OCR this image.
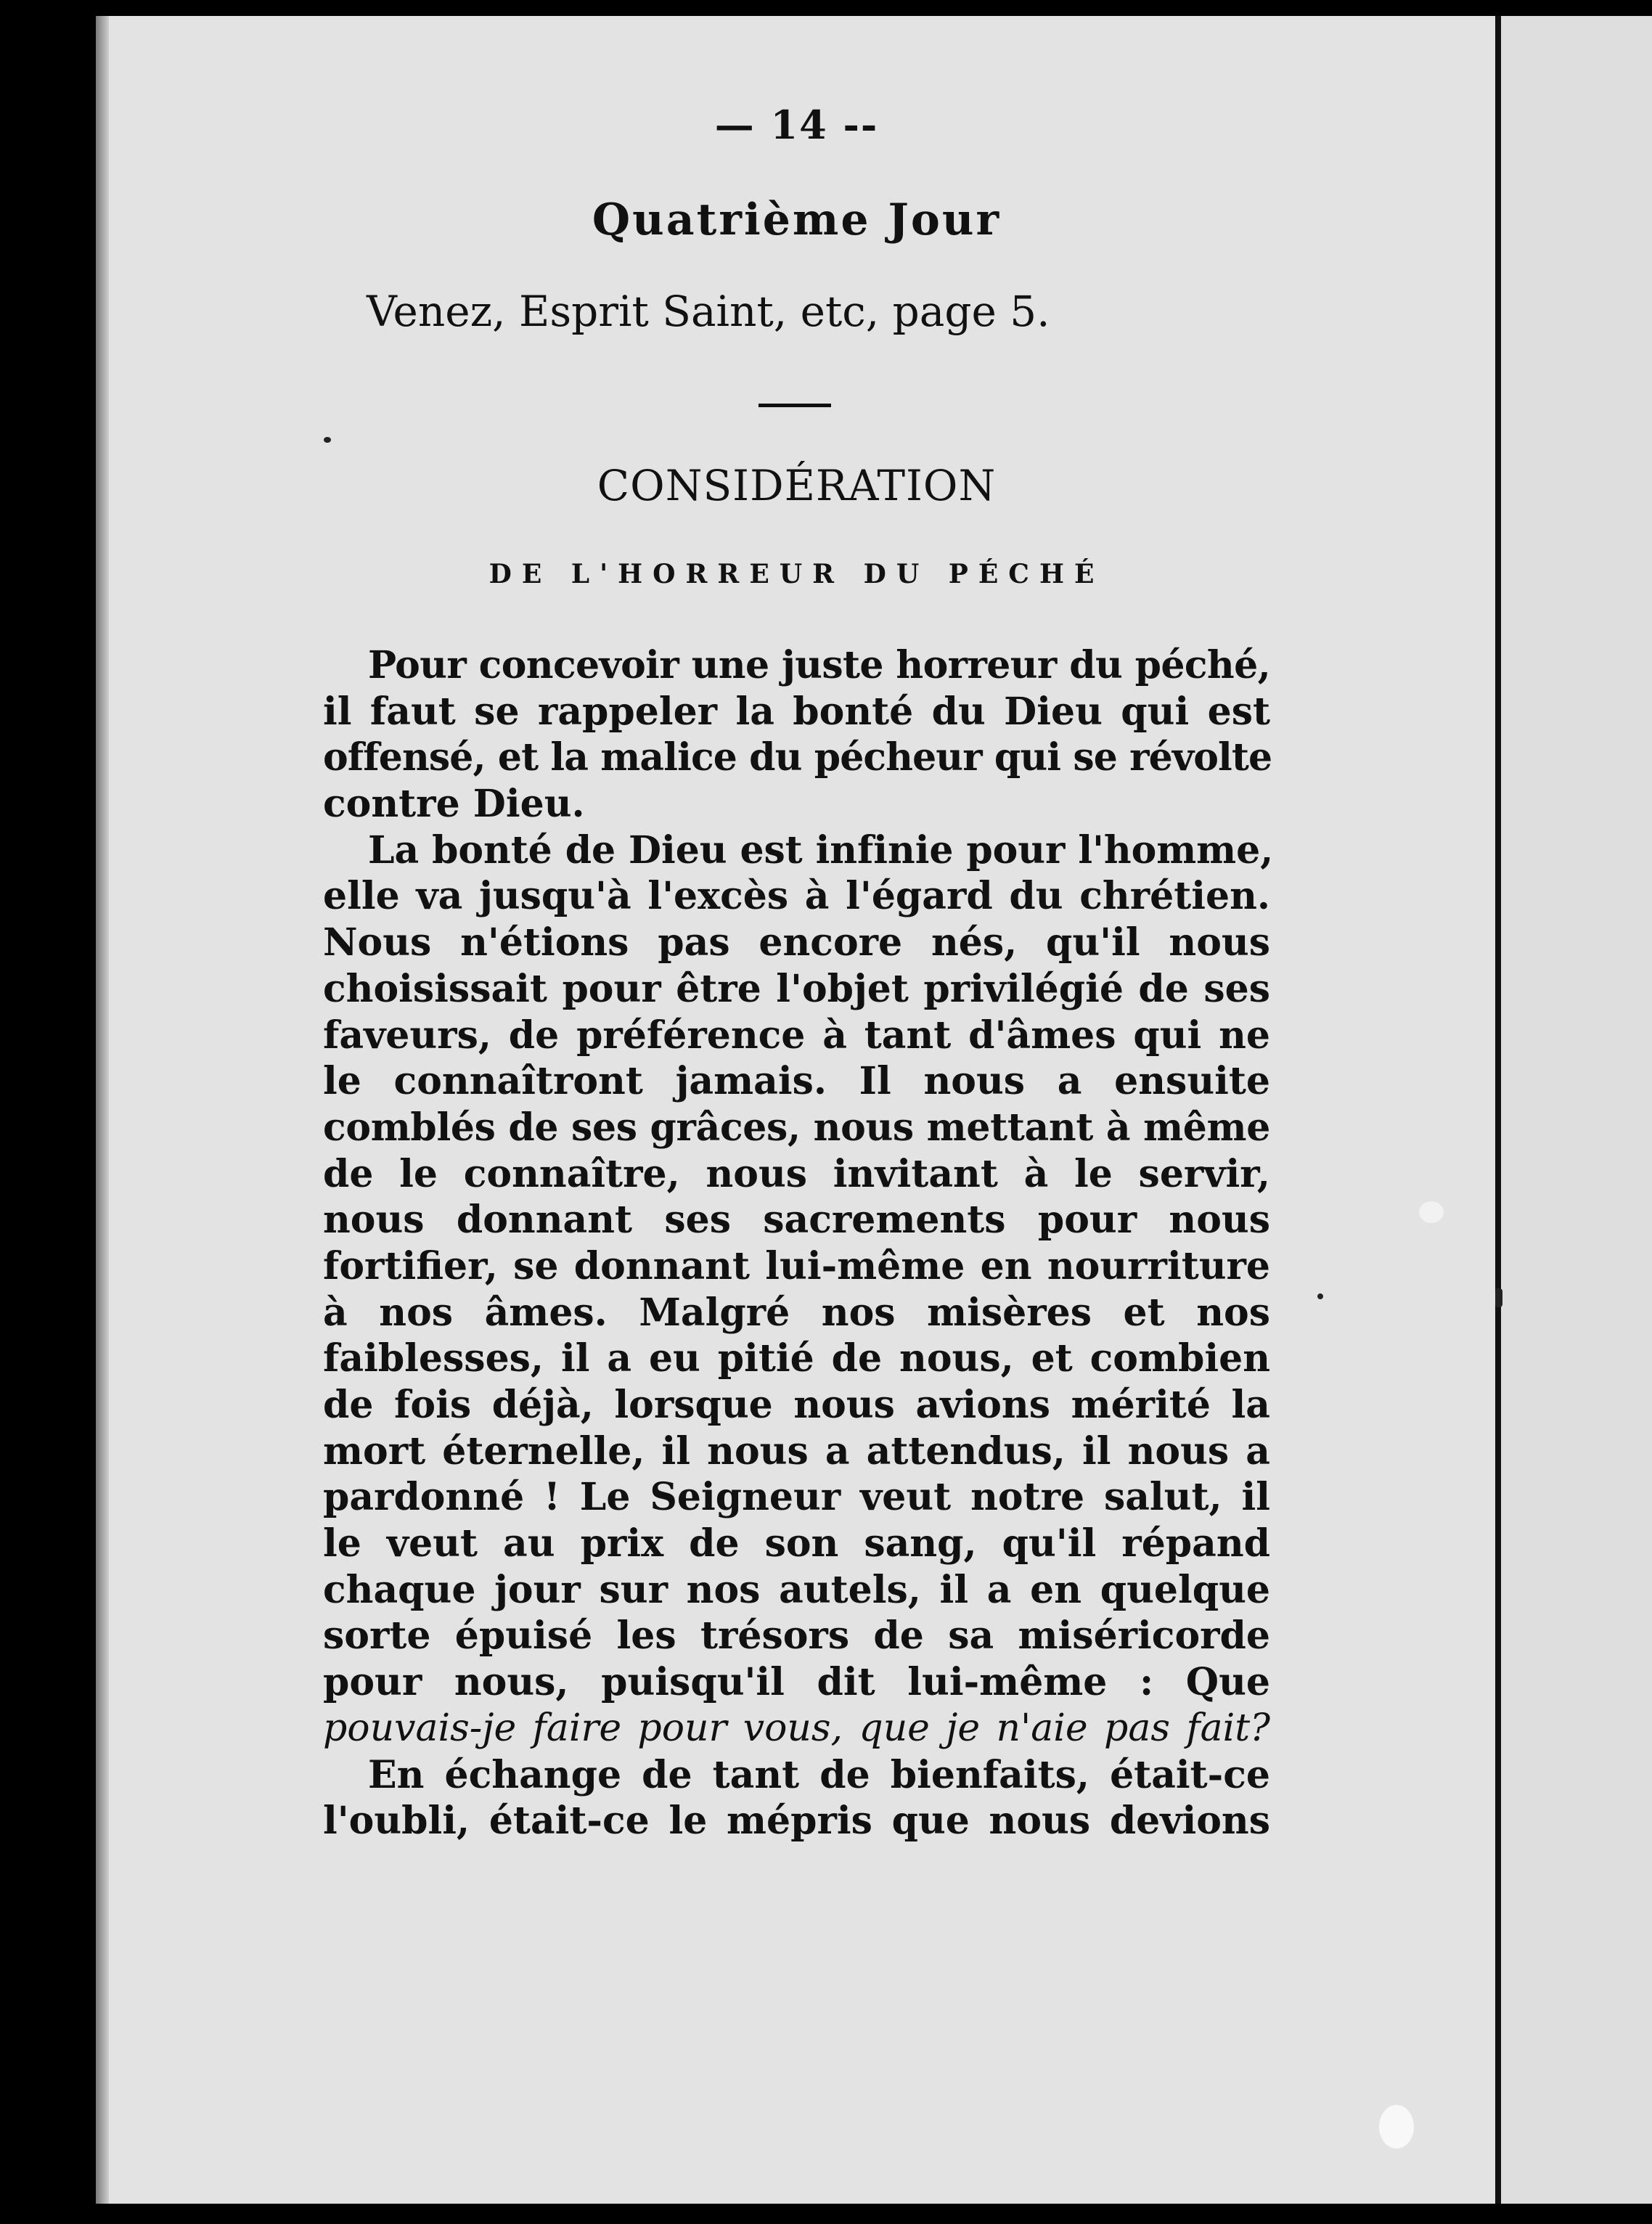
— 14 --
Quatrième Jour
Venez, Esprit Saint, etc, page 5.
CONSIDÉRATION
DE L'HORREUR DU PÉCHÉ
Pour concevoir une juste horreur du péché,
il faut se rappeler la bonté du Dieu qui est
offensé, et la malice du pécheur qui se révolte
contre Dieu.
La bonté de Dieu est infinie pour l'homme,
elle va jusqu'à l'excès à l'égard du chrétien.
Nous n'étions pas encore nés, qu'il nous
choisissait pour être l'objet privilégié de ses
faveurs, de préférence à tant d'âmes qui ne
le connaîtront jamais. Il nous a ensuite
comblés de ses grâces, nous mettant à même
de le connaître, nous invitant à le servir,
nous donnant ses sacrements pour nous
fortifier, se donnant lui-même en nourriture
à nos âmes. Malgré nos misères et nos
faiblesses, il a eu pitié de nous, et combien
de fois déjà, lorsque nous avions mérité la
mort éternelle, il nous a attendus, il nous a
pardonné ! Le Seigneur veut notre salut, il
le veut au prix de son sang, qu'il répand
chaque jour sur nos autels, il a en quelque
sorte épuisé les trésors de sa miséricorde
pour nous, puisqu'il dit lui-même : Que
pouvais-je faire pour vous, que je n'aie pas fait?
En échange de tant de bienfaits, était-ce
l'oubli, était-ce le mépris que nous devions
